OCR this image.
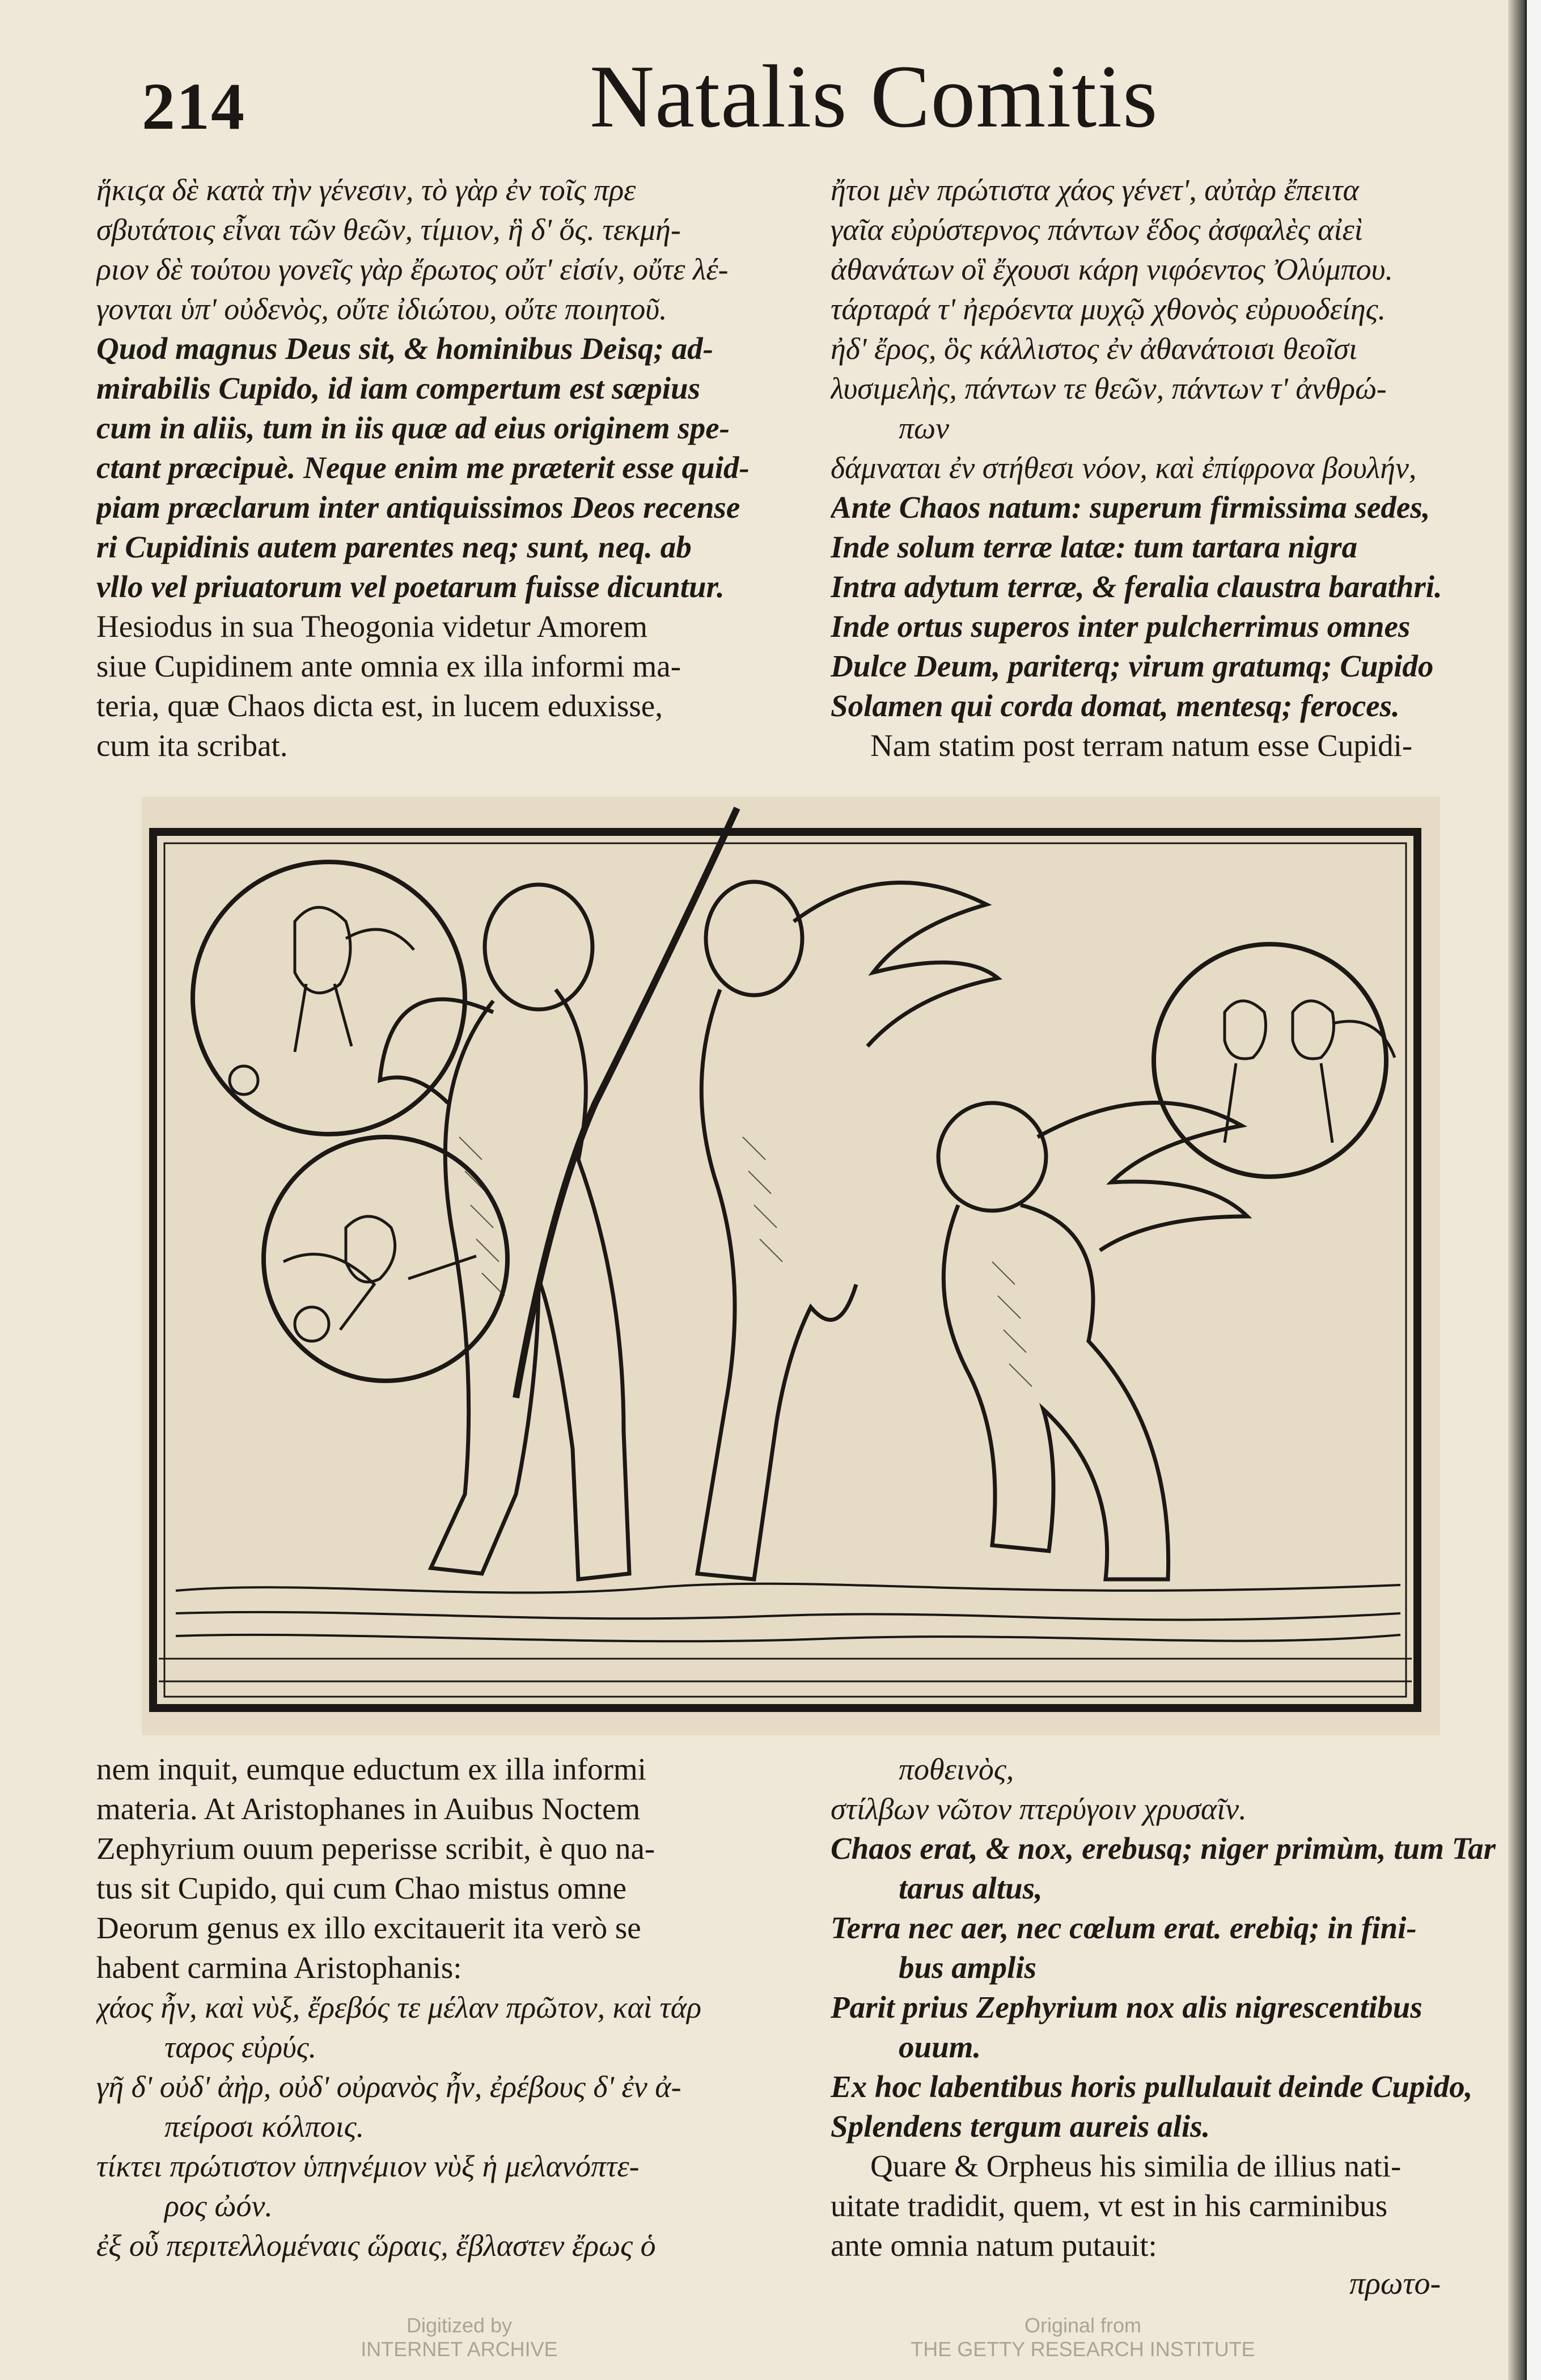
214	Natalis Comitis
ἥκιϛα δὲ κατὰ τὴν γένεσιν, τὸ γὰρ ἐν τοῖς πρε
σβυτάτοις εἶναι τῶν θεῶν, τίμιον, ἣ δ' ὅς. τεκμή-
ριον δὲ τούτου γονεῖς γὰρ ἔρωτος οὔτ' εἰσίν, οὔτε λέ-
γονται ὑπ' οὐδενὸς, οὔτε ἰδιώτου, οὔτε ποιητοῦ.
Quod magnus Deus sit, & hominibus Deisq; ad-
mirabilis Cupido, id iam compertum est sæpius
cum in aliis, tum in iis quæ ad eius originem spe-
ctant præcipuè. Neque enim me præterit esse quid-
piam præclarum inter antiquissimos Deos recense
ri Cupidinis autem parentes neq; sunt, neq. ab
vllo vel priuatorum vel poetarum fuisse dicuntur.
Hesiodus in sua Theogonia videtur Amorem
siue Cupidinem ante omnia ex illa informi ma-
teria, quæ Chaos dicta est, in lucem eduxisse,
cum ita scribat.
ἤτοι μὲν πρώτιστα χάος γένετ', αὐτὰρ ἔπειτα
γαῖα εὐρύστερνος πάντων ἕδος ἀσφαλὲς αἰεὶ
ἀθανάτων οἳ ἔχουσι κάρη νιφόεντος Ὀλύμπου.
τάρταρά τ' ἠερόεντα μυχῷ χθονὸς εὐρυοδείης.
ἠδ' ἔρος, ὃς κάλλιστος ἐν ἀθανάτοισι θεοῖσι
λυσιμελὴς, πάντων τε θεῶν, πάντων τ' ἀνθρώ-
πων
δάμναται ἐν στήθεσι νόον, καὶ ἐπίφρονα βουλήν,
Ante Chaos natum: superum firmissima sedes,
Inde solum terræ latæ: tum tartara nigra
Intra adytum terræ, & feralia claustra barathri.
Inde ortus superos inter pulcherrimus omnes
Dulce Deum, pariterq; virum gratumq; Cupido
Solamen qui corda domat, mentesq; feroces.
Nam statim post terram natum esse Cupidi-
nem inquit, eumque eductum ex illa informi
materia. At Aristophanes in Auibus Noctem
Zephyrium ouum peperisse scribit, è quo na-
tus sit Cupido, qui cum Chao mistus omne
Deorum genus ex illo excitauerit ita verò se
habent carmina Aristophanis:
χάος ἦν, καὶ νὺξ, ἔρεβός τε μέλαν πρῶτον, καὶ τάρ
ταρος εὐρύς.
γῆ δ' οὐδ' ἀὴρ, οὐδ' οὐρανὸς ἦν, ἐρέβους δ' ἐν ἀ-
πείροσι κόλποις.
τίκτει πρώτιστον ὑπηνέμιον νὺξ ἡ μελανόπτε-
ρος ὠόν.
ἐξ οὗ περιτελλομέναις ὥραις, ἔβλαστεν ἔρως ὁ
ποθεινὸς,
στίλβων νῶτον πτερύγοιν χρυσαῖν.
Chaos erat, & nox, erebusq; niger primùm, tum Tar
tarus altus,
Terra nec aer, nec cœlum erat. erebiq; in fini-
bus amplis
Parit prius Zephyrium nox alis nigrescentibus
ouum.
Ex hoc labentibus horis pullulauit deinde Cupido,
Splendens tergum aureis alis.
Quare & Orpheus his similia de illius nati-
uitate tradidit, quem, vt est in his carminibus
ante omnia natum putauit:
πρωτο-
Digitized by
INTERNET ARCHIVE
Original from
THE GETTY RESEARCH INSTITUTE
